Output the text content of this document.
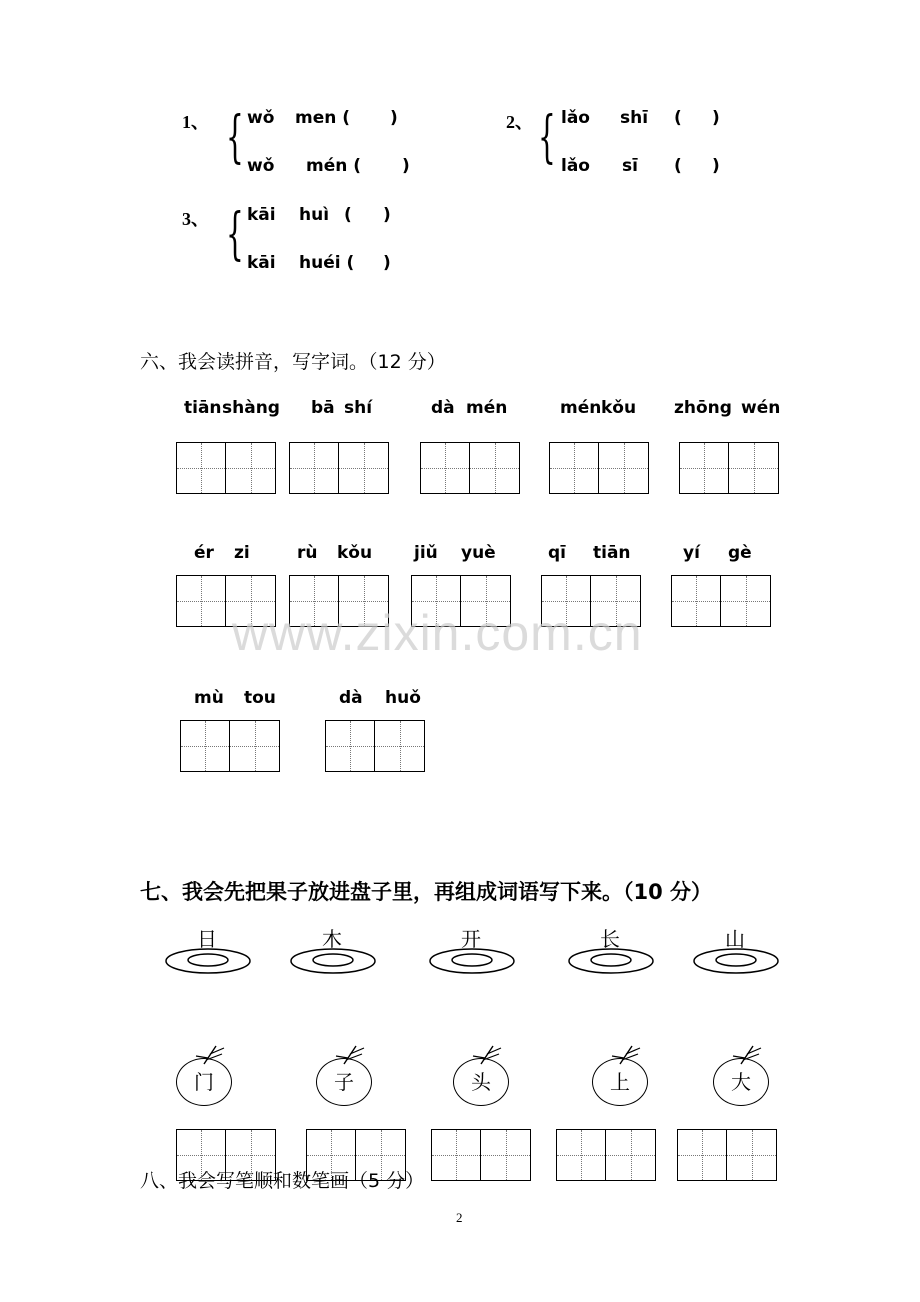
1、 { wǒ men ( )
wǒ mén ( )
2、 { lǎo shī ( )
lǎo sī ( )
3、 { kāi huì ( )
kāi huéi ( )
六、我会读拼音，写字词。（12 分）
tiān shàng bā shí	dà mén	mén kǒu zhōng wén
ér zi	rù kǒu jiǔ yuè	qī tiān	yí gè
mù tou	dà huǒ
www.zixin.com.cn
七、我会先把果子放进盘子里，再组成词语写下来。（10 分）
日	木	开	长	山
门	子	头	上	大
八、我会写笔顺和数笔画（5 分）
2
